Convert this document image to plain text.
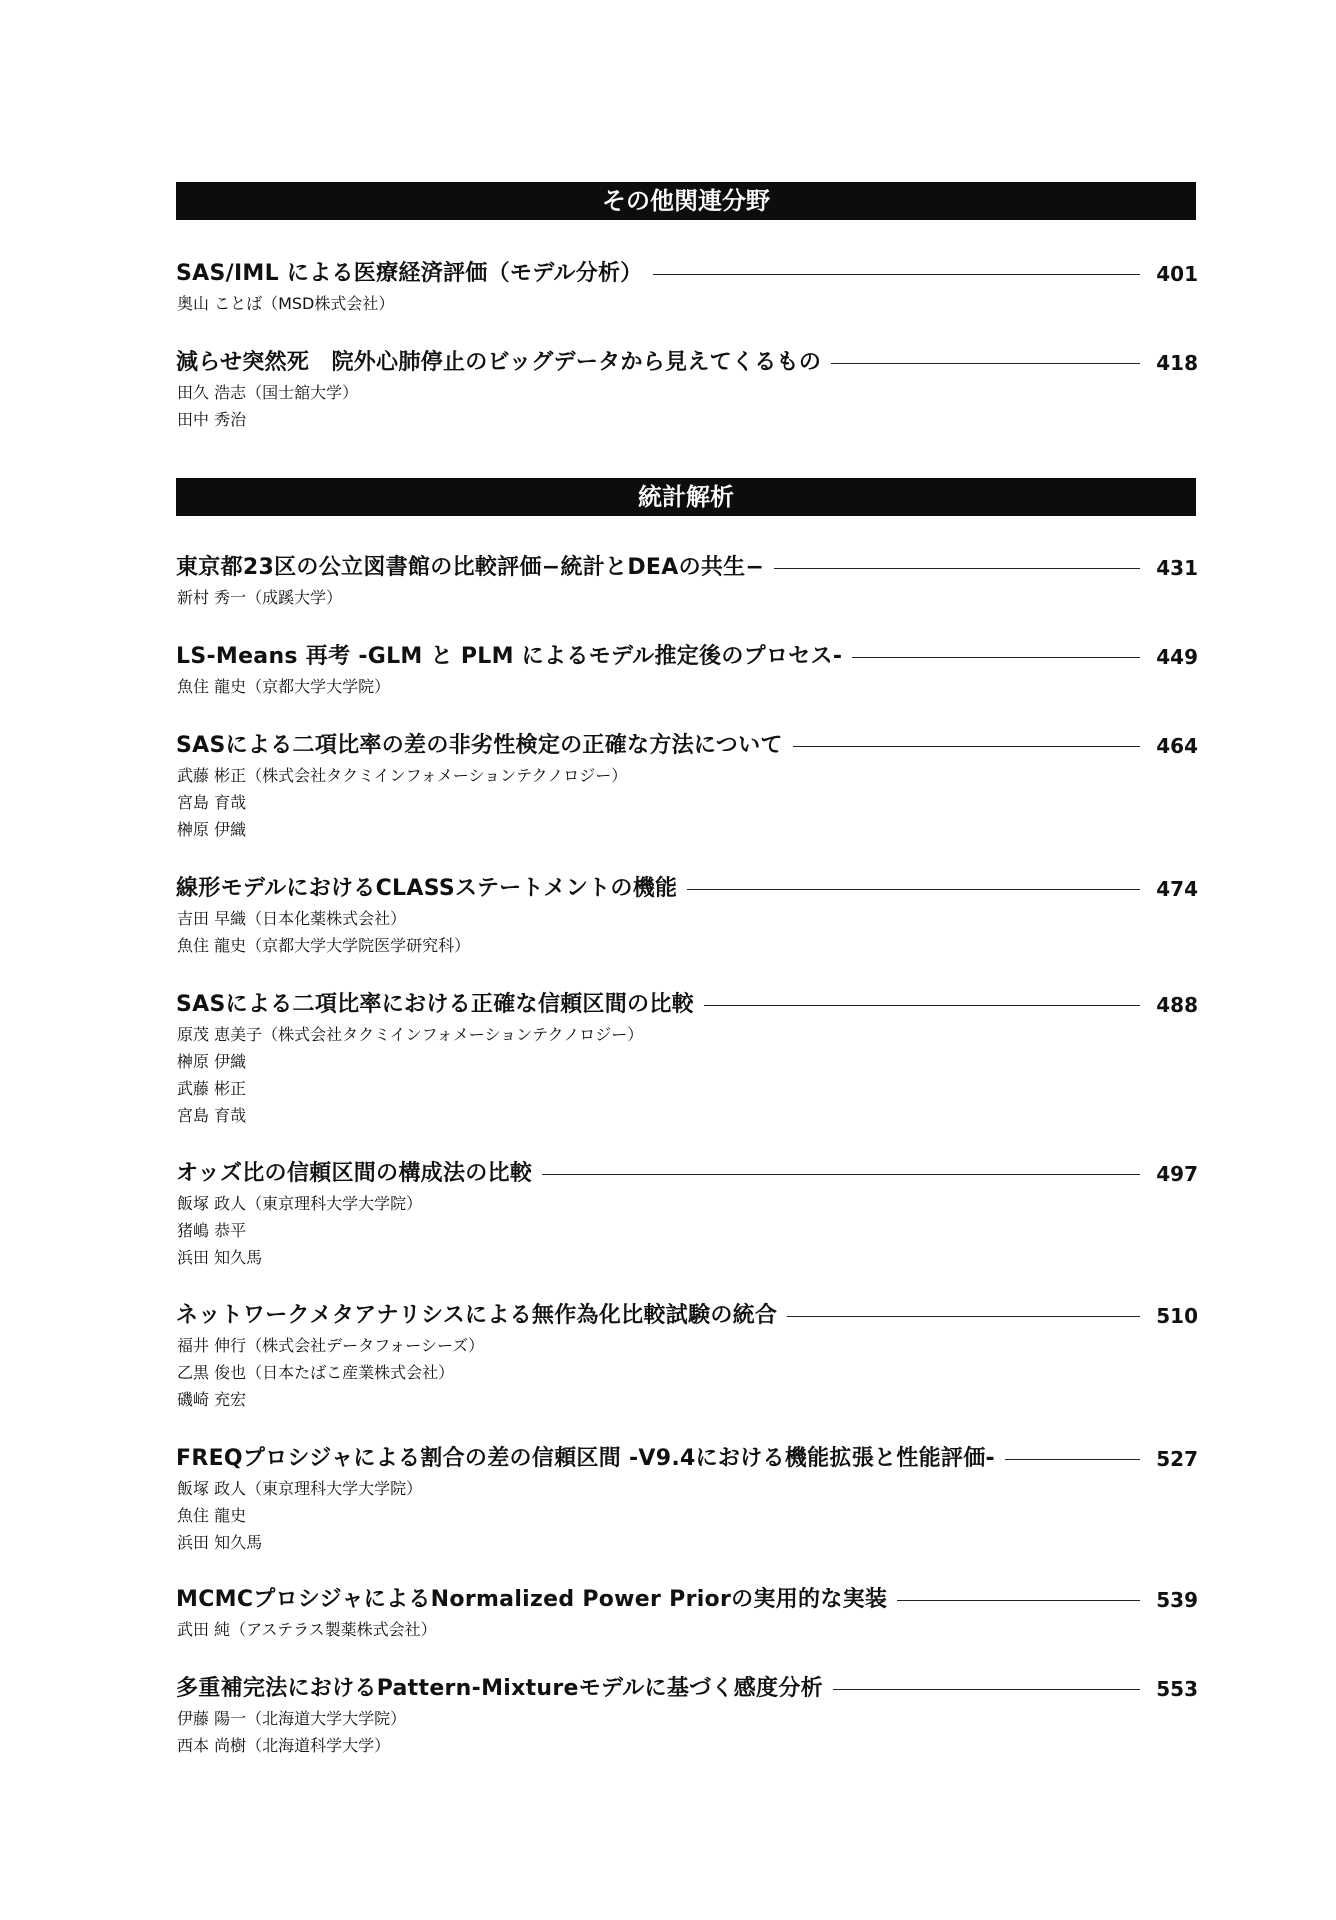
その他関連分野
統計解析
SAS/IML による医療経済評価（モデル分析）	401
奥山 ことば（MSD株式会社）
減らせ突然死　院外心肺停止のビッグデータから見えてくるもの	418
田久 浩志（国士舘大学）
田中 秀治
東京都23区の公立図書館の比較評価−統計とDEAの共生−	431
新村 秀一（成蹊大学）
LS-Means 再考 -GLM と PLM によるモデル推定後のプロセス-	449
魚住 龍史（京都大学大学院）
SASによる二項比率の差の非劣性検定の正確な方法について	464
武藤 彬正（株式会社タクミインフォメーションテクノロジー）
宮島 育哉
榊原 伊織
線形モデルにおけるCLASSステートメントの機能	474
吉田 早織（日本化薬株式会社）
魚住 龍史（京都大学大学院医学研究科）
SASによる二項比率における正確な信頼区間の比較	488
原茂 恵美子（株式会社タクミインフォメーションテクノロジー）
榊原 伊織
武藤 彬正
宮島 育哉
オッズ比の信頼区間の構成法の比較	497
飯塚 政人（東京理科大学大学院）
猪嶋 恭平
浜田 知久馬
ネットワークメタアナリシスによる無作為化比較試験の統合	510
福井 伸行（株式会社データフォーシーズ）
乙黒 俊也（日本たばこ産業株式会社）
磯崎 充宏
FREQプロシジャによる割合の差の信頼区間 -V9.4における機能拡張と性能評価-	527
飯塚 政人（東京理科大学大学院）
魚住 龍史
浜田 知久馬
MCMCプロシジャによるNormalized Power Priorの実用的な実装	539
武田 純（アステラス製薬株式会社）
多重補完法におけるPattern-Mixtureモデルに基づく感度分析	553
伊藤 陽一（北海道大学大学院）
西本 尚樹（北海道科学大学）
